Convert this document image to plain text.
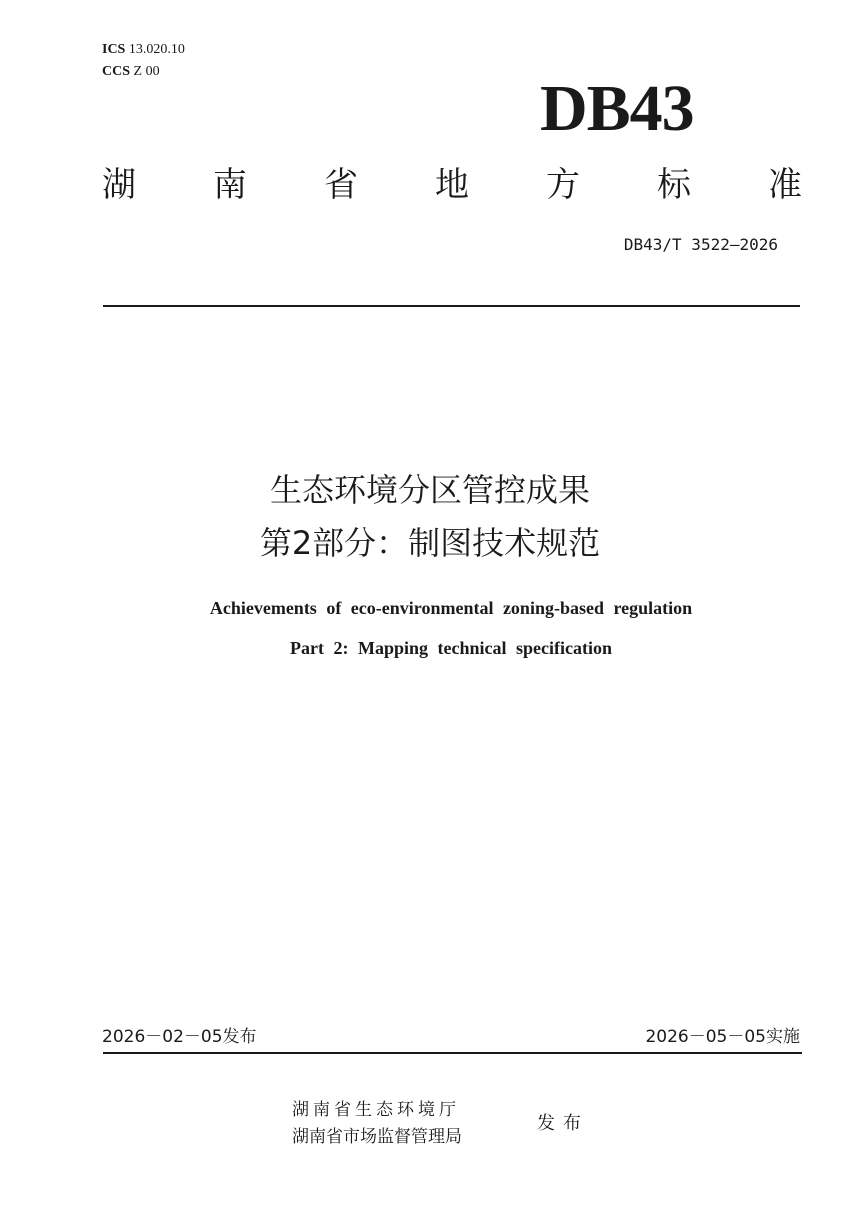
ICS 13.020.10
CCS Z 00
DB43
湖 南 省 地 方 标 准
DB43/T 3522—2026
生态环境分区管控成果
第2部分：制图技术规范
Achievements of eco-environmental zoning-based regulation
Part 2: Mapping technical specification
2026－02－05发布	2026－05－05实施
湖南省生态环境厅
湖南省市场监督管理局
发布
